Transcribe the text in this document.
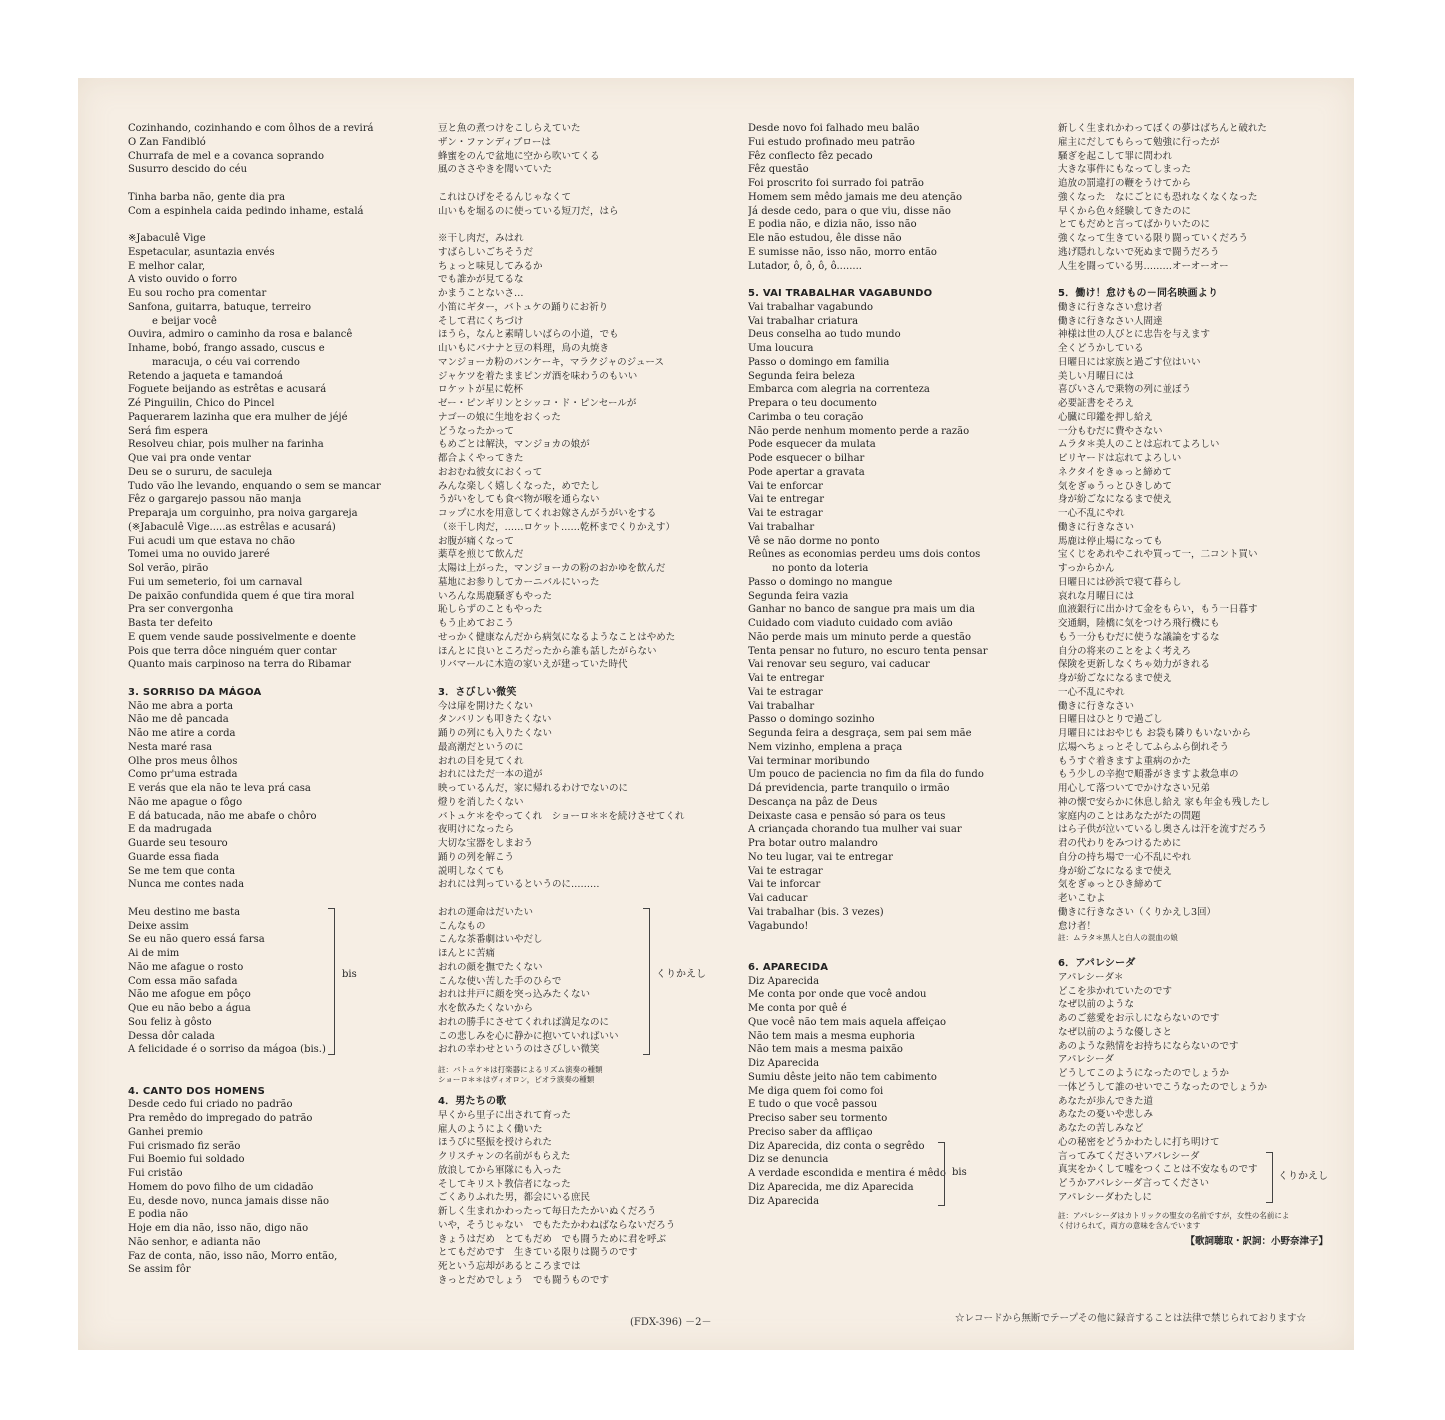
Cozinhando, cozinhando e com ôlhos de a revirá
O Zan Fandibló
Churrafa de mel e a covanca soprando
Susurro descido do céu
Tinha barba não, gente dia pra
Com a espinhela caida pedindo inhame, estalá
※Jabaculê Vige
Espetacular, asuntazia envés
E melhor calar,
A visto ouvido o forro
Eu sou rocho pra comentar
Sanfona, guitarra, batuque, terreiro
e beijar você
Ouvira, admiro o caminho da rosa e balancê
Inhame, bobó, frango assado, cuscus e
maracuja, o céu vai correndo
Retendo a jaqueta e tamandoá
Foguete beijando as estrêtas e acusará
Zé Pinguilin, Chico do Pincel
Paquerarem lazinha que era mulher de jéjé
Será fim espera
Resolveu chiar, pois mulher na farinha
Que vai pra onde ventar
Deu se o sururu, de saculeja
Tudo vão lhe levando, enquando o sem se mancar
Fêz o gargarejo passou não manja
Preparaja um corguinho, pra noiva gargareja
(※Jabaculê Vige.....as estrêlas e acusará)
Fui acudi um que estava no chão
Tomei uma no ouvido jareré
Sol verão, pirão
Fui um semeterio, foi um carnaval
De paixão confundida quem é que tira moral
Pra ser convergonha
Basta ter defeito
E quem vende saude possivelmente e doente
Pois que terra dôce ninguém quer contar
Quanto mais carpinoso na terra do Ribamar
3. SORRISO DA MÁGOA
Não me abra a porta
Não me dê pancada
Não me atire a corda
Nesta maré rasa
Olhe pros meus ôlhos
Como pr'uma estrada
E verás que ela não te leva prá casa
Não me apague o fôgo
E dá batucada, não me abafe o chôro
E da madrugada
Guarde seu tesouro
Guarde essa fiada
Se me tem que conta
Nunca me contes nada
Meu destino me basta
Deixe assim
Se eu não quero essá farsa
Ai de mim
Não me afague o rosto
Com essa mão safada
Não me afogue em pôço
Que eu não bebo a água
Sou feliz à gôsto
Dessa dôr calada
A felicidade é o sorriso da mágoa (bis.)
bis
4. CANTO DOS HOMENS
Desde cedo fui criado no padrão
Pra remêdo do impregado do patrão
Ganhei premio
Fui crismado fiz serão
Fui Boemio fui soldado
Fui cristão
Homem do povo filho de um cidadão
Eu, desde novo, nunca jamais disse não
E podia não
Hoje em dia não, isso não, digo não
Não senhor, e adianta não
Faz de conta, não, isso não, Morro então,
Se assim fôr
豆と魚の煮つけをこしらえていた
ザン・ファンディブローは
蜂蜜をのんで盆地に空から吹いてくる
風のささやきを聞いていた
これはひげをそるんじゃなくて
山いもを堀るのに使っている短刀だ，はら
※干し肉だ，みはれ
すばらしいごちそうだ
ちょっと味見してみるか
でも誰かが見てるな
かまうことないさ…
小笛にギター，バトュケの踊りにお祈り
そして君にくちづけ
ほうら，なんと素晴しいばらの小道，でも
山いもにバナナと豆の料理，鳥の丸焼き
マンジョーカ粉のパンケーキ，マラクジャのジュース
ジャケツを着たままピンガ酒を味わうのもいい
ロケットが星に乾杯
ゼー・ピンギリンとシッコ・ド・ピンセールが
ナゴーの娘に生地をおくった
どうなったかって
もめごとは解決，マンジョカの娘が
都合よくやってきた
おおむね彼女におくって
みんな楽しく嬉しくなった，めでたし
うがいをしても食べ物が喉を通らない
コップに水を用意してくれお嫁さんがうがいをする
（※干し肉だ，……ロケット……乾杯までくりかえす）
お腹が痛くなって
薬草を煎じて飲んだ
太陽は上がった，マンジョーカの粉のおかゆを飲んだ
墓地にお参りしてカーニバルにいった
いろんな馬鹿騒ぎもやった
恥しらずのこともやった
もう止めておこう
せっかく健康なんだから病気になるようなことはやめた
ほんとに良いところだったから誰も話したがらない
リバマールに木造の家いえが建っていた時代
3．さびしい微笑
今は扉を開けたくない
タンバリンも叩きたくない
踊りの列にも入りたくない
最高潮だというのに
おれの目を見てくれ
おれにはただ一本の道が
映っているんだ，家に帰れるわけでないのに
燈りを消したくない
バトュケ＊をやってくれ　ショーロ＊＊を続けさせてくれ
夜明けになったら
大切な宝器をしまおう
踊りの列を解こう
説明しなくても
おれには判っているというのに………
おれの運命はだいたい
こんなもの
こんな茶番劇はいやだし
ほんとに苦痛
おれの顔を撫でたくない
こんな使い苦した手のひらで
おれは井戸に顔を突っ込みたくない
水を飲みたくないから
おれの勝手にさせてくれれば満足なのに
この悲しみを心に静かに抱いていればいい
おれの幸わせというのはさびしい微笑
くりかえし
註：バトュケ＊は打楽器によるリズム演奏の種類
ショーロ＊＊はヴィオロン，ピオラ演奏の種類
4．男たちの歌
早くから里子に出されて育った
雇人のようによく働いた
ほうびに堅振を授けられた
クリスチャンの名前がもらえた
放浪してから軍隊にも入った
そしてキリスト教信者になった
ごくありふれた男，都会にいる庶民
新しく生まれかわったって毎日たたかいぬくだろう
いや，そうじゃない　でもたたかわねばならないだろう
きょうはだめ　とてもだめ　でも闘うために君を呼ぶ
とてもだめです　生きている限りは闘うのです
死という忘却があるところまでは
きっとだめでしょう　でも闘うものです
Desde novo foi falhado meu balão
Fui estudo profinado meu patrão
Fêz conflecto fêz pecado
Fêz questão
Foi proscrito foi surrado foi patrão
Homem sem mêdo jamais me deu atenção
Já desde cedo, para o que viu, disse não
E podia não, e dizia não, isso não
Ele não estudou, êle disse não
E sumisse não, isso não, morro então
Lutador, ô, ô, ô, ô........
5. VAI TRABALHAR VAGABUNDO
Vai trabalhar vagabundo
Vai trabalhar criatura
Deus conselha ao tudo mundo
Uma loucura
Passo o domingo em familia
Segunda feira beleza
Embarca com alegria na correnteza
Prepara o teu documento
Carimba o teu coração
Não perde nenhum momento perde a razão
Pode esquecer da mulata
Pode esquecer o bilhar
Pode apertar a gravata
Vai te enforcar
Vai te entregar
Vai te estragar
Vai trabalhar
Vê se não dorme no ponto
Reûnes as economias perdeu ums dois contos
no ponto da loteria
Passo o domingo no mangue
Segunda feira vazia
Ganhar no banco de sangue pra mais um dia
Cuidado com viaduto cuidado com avião
Não perde mais um minuto perde a questão
Tenta pensar no futuro, no escuro tenta pensar
Vai renovar seu seguro, vai caducar
Vai te entregar
Vai te estragar
Vai trabalhar
Passo o domingo sozinho
Segunda feira a desgraça, sem pai sem mãe
Nem vizinho, emplena a praça
Vai terminar moribundo
Um pouco de paciencia no fim da fila do fundo
Dá previdencia, parte tranquilo o irmão
Descança na pâz de Deus
Deixaste casa e pensão só para os teus
A criançada chorando tua mulher vai suar
Pra botar outro malandro
No teu lugar, vai te entregar
Vai te estragar
Vai te inforcar
Vai caducar
Vai trabalhar (bis. 3 vezes)
Vagabundo!
6. APARECIDA
Diz Aparecida
Me conta por onde que você andou
Me conta por quê é
Que você não tem mais aquela affeiçao
Não tem mais a mesma euphoria
Não tem mais a mesma paixão
Diz Aparecida
Sumiu dêste jeito não tem cabimento
Me diga quem foi como foi
E tudo o que você passou
Preciso saber seu tormento
Preciso saber da affliçao
Diz Aparecida, diz conta o segrêdo
Diz se denuncia
A verdade escondida e mentira é mêdo
Diz Aparecida, me diz Aparecida
Diz Aparecida
bis
新しく生まれかわってぼくの夢はばちんと破れた
雇主にだしてもらって勉強に行ったが
騒ぎを起こして罪に問われ
大きな事件にもなってしまった
追放の罰違打の鞭をうけてから
強くなった　なにごとにも恐れなくなくなった
早くから色々経験してきたのに
とてもだめと言ってばかりいたのに
強くなって生きている限り闘っていくだろう
逃げ隠れしないで死ぬまで闘うだろう
人生を闘っている男………オーオーオー
5．働け！怠けもの－同名映画より
働きに行きなさい怠け者
働きに行きなさい人間達
神様は世の人びとに忠告を与えます
全くどうかしている
日曜日には家族と過ごす位はいい
美しい月曜日には
喜びいさんで乗物の列に並ぼう
必要証書をそろえ
心臓に印鑑を押し給え
一分もむだに費やさない
ムラタ＊美人のことは忘れてよろしい
ビリヤードは忘れてよろしい
ネクタイをきゅっと締めて
気をぎゅうっとひきしめて
身が紛ごなになるまで使え
一心不乱にやれ
働きに行きなさい
馬鹿は停止場になっても
宝くじをあれやこれや買って一，二コント買い
すっからかん
日曜日には砂浜で寝て暮らし
哀れな月曜日には
血液銀行に出かけて金をもらい，もう一日暮す
交通網，陸橋に気をつけろ飛行機にも
もう一分もむだに使うな議論をするな
自分の将来のことをよく考えろ
保険を更新しなくちゃ効力がきれる
身が紛ごなになるまで使え
一心不乱にやれ
働きに行きなさい
日曜日はひとりで過ごし
月曜日にはおやじも お袋も隣りもいないから
広場へちょっとそしてふらふら倒れそう
もうすぐ着きますよ重病のかた
もう少しの辛抱で順番がきますよ救急車の
用心して落ついてでかけなさい兄弟
神の懐で安らかに休息し給え 家も年金も残したし
家庭内のことはあなたがたの問題
はら子供が泣いているし奥さんは汗を流すだろう
君の代わりをみつけるために
自分の持ち場で一心不乱にやれ
身が紛ごなになるまで使え
気をぎゅっとひき締めて
老いこむよ
働きに行きなさい（くりかえし3回）
怠け者！
註：ムラタ＊黒人と白人の混血の娘
6．アパレシーダ
アパレシーダ＊
どこを歩かれていたのです
なぜ以前のような
あのご慈愛をお示しにならないのです
なぜ以前のような優しさと
あのような熱情をお持ちにならないのです
アパレシーダ
どうしてこのようになったのでしょうか
一体どうして誰のせいでこうなったのでしょうか
あなたが歩んできた道
あなたの憂いや悲しみ
あなたの苦しみなど
心の秘密をどうかわたしに打ち明けて
言ってみてくださいアパレシーダ
真実をかくして嘘をつくことは不安なものです
どうかアパレシーダ言ってください
アパレシーダわたしに
くりかえし
註：アパレシーダはカトリックの聖女の名前ですが，女性の名前によ
く付けられて，両方の意味を含んでいます
【歌詞聴取・訳詞：小野奈津子】
(FDX-396) －2－	☆レコードから無断でテープその他に録音することは法律で禁じられております☆
